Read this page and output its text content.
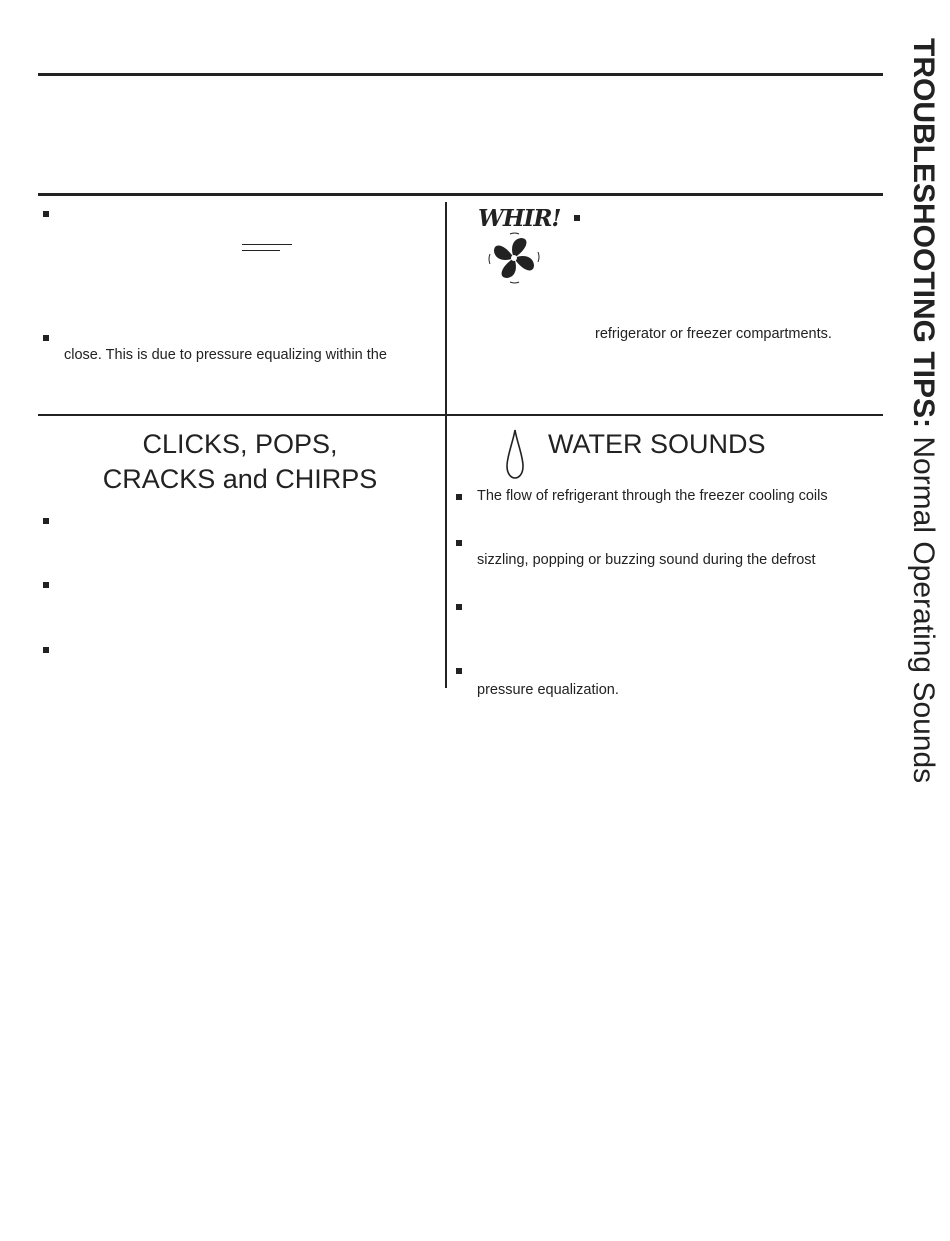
close. This is due to pressure equalizing within the
WHIR!
refrigerator or freezer compartments.
CLICKS, POPS,
CRACKS and CHIRPS
WATER SOUNDS
The flow of refrigerant through the freezer cooling coils
sizzling, popping or buzzing sound during the defrost
pressure equalization.
TROUBLESHOOTING TIPS: Normal Operating Sounds
